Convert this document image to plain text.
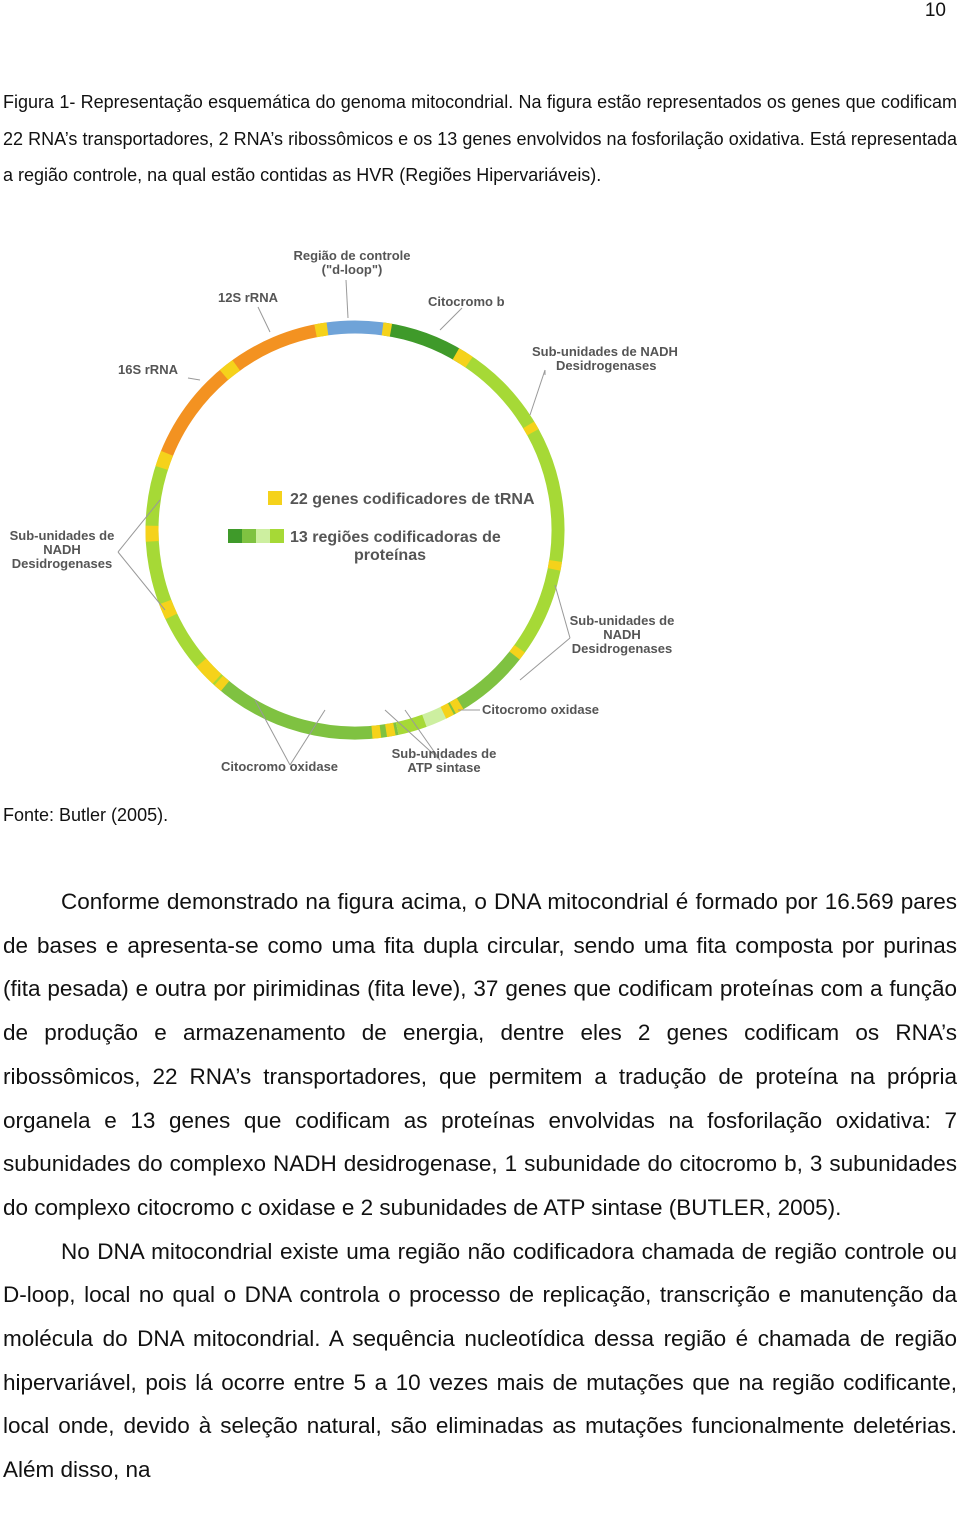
10

Figura 1- Representação esquemática do genoma mitocondrial. Na figura estão representados os genes que codificam 22 RNA’s transportadores, 2 RNA’s ribossômicos e os 13 genes envolvidos na fosforilação oxidativa. Está representada a região controle, na qual estão contidas as HVR (Regiões Hipervariáveis).

Região de controle
("d-loop")
12S rRNA	Citocromo b
16S rRNA
Sub-unidades de NADH
Desidrogenases
Sub-unidades de
NADH
Desidrogenases
Sub-unidades de
NADH
Desidrogenases
Citocromo oxidase
Citocromo oxidase
Sub-unidades de
ATP sintase
22 genes codificadores de tRNA
13 regiões codificadoras de
proteínas

Fonte: Butler (2005).

Conforme demonstrado na figura acima, o DNA mitocondrial é formado por 16.569 pares de bases e apresenta-se como uma fita dupla circular, sendo uma fita composta por purinas (fita pesada) e outra por pirimidinas (fita leve), 37 genes que codificam proteínas com a função de produção e armazenamento de energia, dentre eles 2 genes codificam os RNA’s ribossômicos, 22 RNA’s transportadores, que permitem a tradução de proteína na própria organela e 13 genes que codificam as proteínas envolvidas na fosforilação oxidativa: 7 subunidades do complexo NADH desidrogenase, 1 subunidade do citocromo b, 3 subunidades do complexo citocromo c oxidase e 2 subunidades de ATP sintase (BUTLER, 2005).

No DNA mitocondrial existe uma região não codificadora chamada de região controle ou D-loop, local no qual o DNA controla o processo de replicação, transcrição e manutenção da molécula do DNA mitocondrial. A sequência nucleotídica dessa região é chamada de região hipervariável, pois lá ocorre entre 5 a 10 vezes mais de mutações que na região codificante, local onde, devido à seleção natural, são eliminadas as mutações funcionalmente deletérias. Além disso, na
